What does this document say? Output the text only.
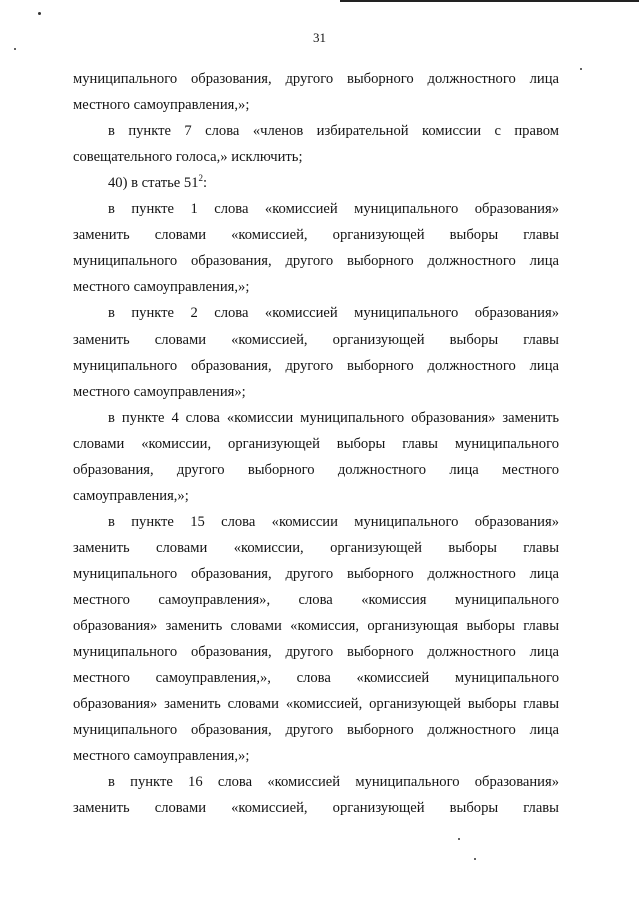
31
муниципального образования, другого выборного должностного лица
местного самоуправления,»;
в пункте 7 слова «членов избирательной комиссии с правом
совещательного голоса,» исключить;
40) в статье $51^2$:
в пункте 1 слова «комиссией муниципального образования»
заменить словами «комиссией, организующей выборы главы
муниципального образования, другого выборного должностного лица
местного самоуправления,»;
в пункте 2 слова «комиссией муниципального образования»
заменить словами «комиссией, организующей выборы главы
муниципального образования, другого выборного должностного лица
местного самоуправления»;
в пункте 4 слова «комиссии муниципального образования» заменить
словами «комиссии, организующей выборы главы муниципального
образования, другого выборного должностного лица местного
самоуправления,»;
в пункте 15 слова «комиссии муниципального образования»
заменить словами «комиссии, организующей выборы главы
муниципального образования, другого выборного должностного лица
местного самоуправления», слова «комиссия муниципального
образования» заменить словами «комиссия, организующая выборы главы
муниципального образования, другого выборного должностного лица
местного самоуправления,», слова «комиссией муниципального
образования» заменить словами «комиссией, организующей выборы главы
муниципального образования, другого выборного должностного лица
местного самоуправления,»;
в пункте 16 слова «комиссией муниципального образования»
заменить словами «комиссией, организующей выборы главы
